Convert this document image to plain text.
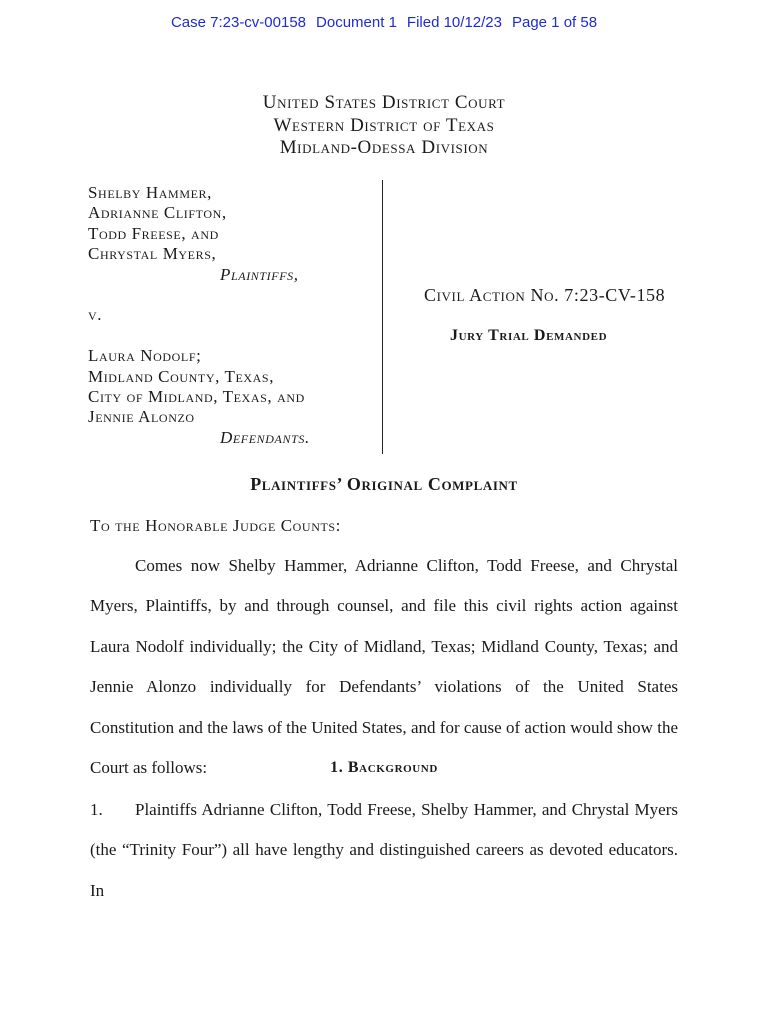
Case 7:23-cv-00158 Document 1 Filed 10/12/23 Page 1 of 58
United States District Court
Western District of Texas
Midland-Odessa Division
Shelby Hammer,
Adrianne Clifton,
Todd Freese, and
Chrystal Myers,
Plaintiffs,
v.
Laura Nodolf;
Midland County, Texas,
City of Midland, Texas, and
Jennie Alonzo
Defendants.
Civil Action No. 7:23-CV-158
Jury Trial Demanded
Plaintiffs’ Original Complaint
To the Honorable Judge Counts:
Comes now Shelby Hammer, Adrianne Clifton, Todd Freese, and Chrystal Myers, Plaintiffs, by and through counsel, and file this civil rights action against Laura Nodolf individually; the City of Midland, Texas; Midland County, Texas; and Jennie Alonzo individually for Defendants’ violations of the United States Constitution and the laws of the United States, and for cause of action would show the Court as follows:	1. Background
1. Plaintiffs Adrianne Clifton, Todd Freese, Shelby Hammer, and Chrystal Myers (the “Trinity Four”) all have lengthy and distinguished careers as devoted educators. In
